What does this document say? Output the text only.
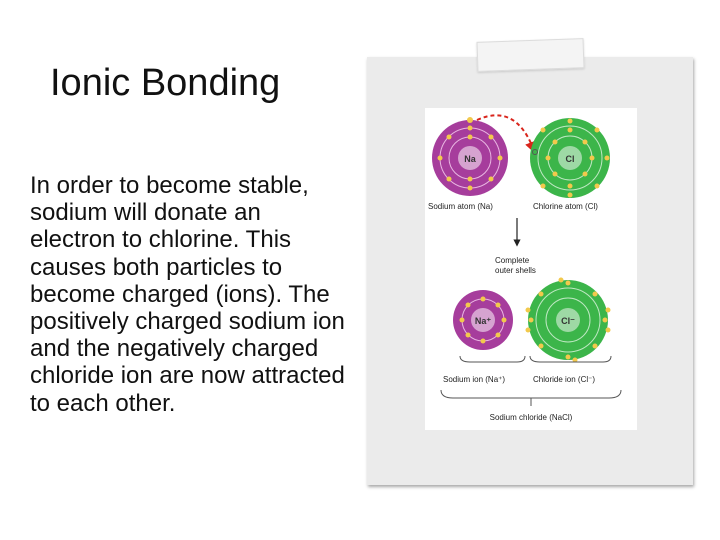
Ionic Bonding
In order to become stable, sodium will donate an electron to chlorine. This causes both particles to become charged (ions). The positively charged sodium ion and the negatively charged chloride ion are now attracted to each other.
Na	Cl
Sodium atom (Na)	Chlorine atom (Cl)
Complete
outer shells
Na⁺	Cl⁻
Sodium ion (Na⁺)	Chloride ion (Cl⁻)
Sodium chloride (NaCl)
